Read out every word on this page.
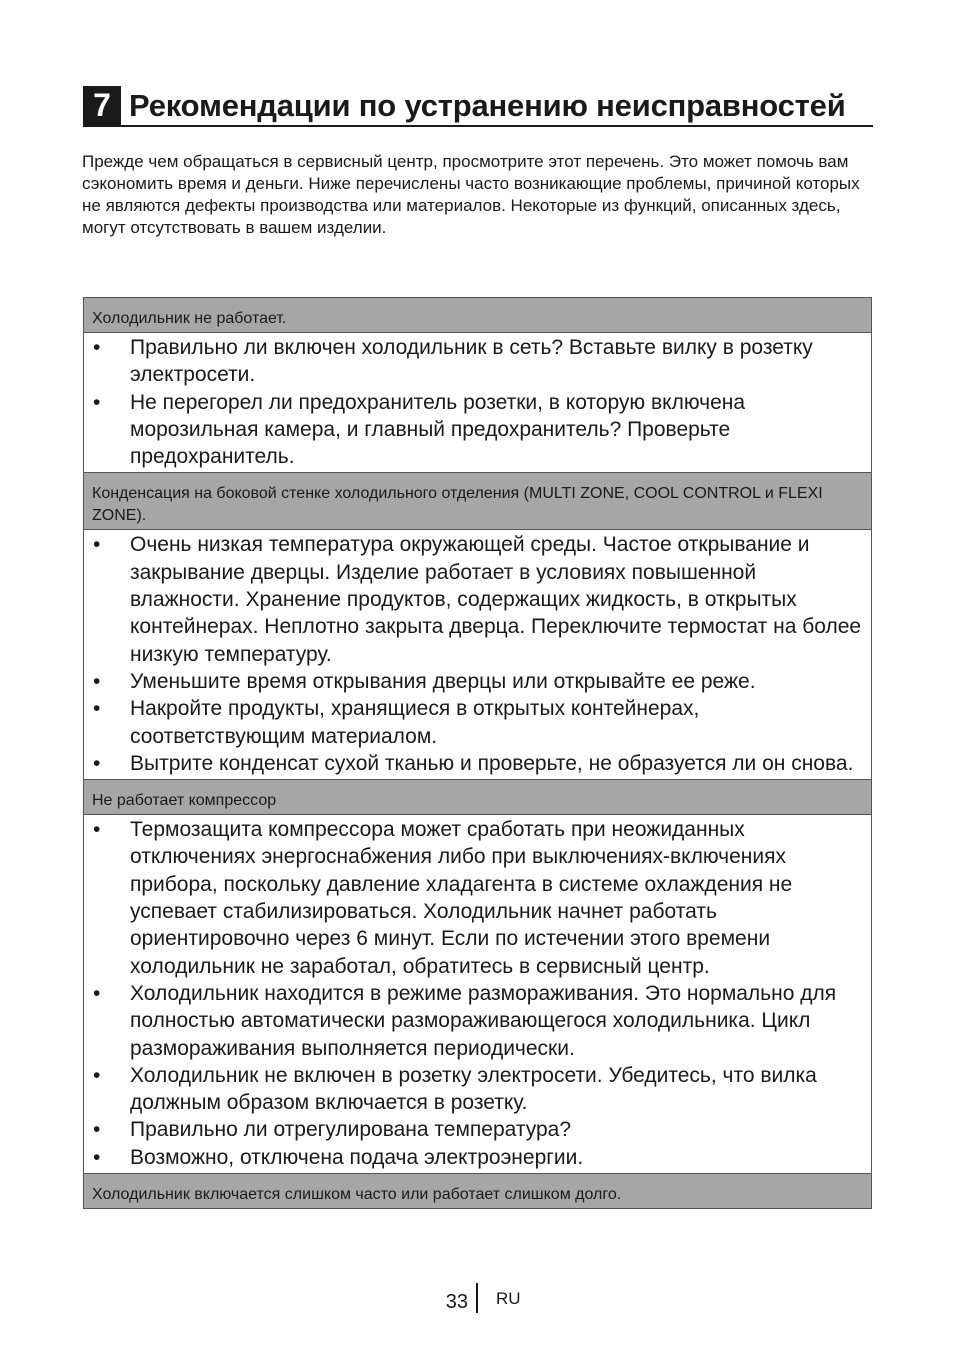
7 Рекомендации по устранению неисправностей

Прежде чем обращаться в сервисный центр, просмотрите этот перечень. Это может помочь вам сэкономить время и деньги. Ниже перечислены часто возникающие проблемы, причиной которых не являются дефекты производства или материалов. Некоторые из функций, описанных здесь, могут отсутствовать в вашем изделии.

Холодильник не работает.
• Правильно ли включен холодильник в сеть? Вставьте вилку в розетку электросети.
• Не перегорел ли предохранитель розетки, в которую включена морозильная камера, и главный предохранитель? Проверьте предохранитель.
Конденсация на боковой стенке холодильного отделения (MULTI ZONE, COOL CONTROL и FLEXI ZONE).
• Очень низкая температура окружающей среды. Частое открывание и закрывание дверцы. Изделие работает в условиях повышенной влажности. Хранение продуктов, содержащих жидкость, в открытых контейнерах. Неплотно закрыта дверца. Переключите термостат на более низкую температуру.
• Уменьшите время открывания дверцы или открывайте ее реже.
• Накройте продукты, хранящиеся в открытых контейнерах, соответствующим материалом.
• Вытрите конденсат сухой тканью и проверьте, не образуется ли он снова.
Не работает компрессор
• Термозащита компрессора может сработать при неожиданных отключениях энергоснабжения либо при выключениях-включениях прибора, поскольку давление хладагента в системе охлаждения не успевает стабилизироваться. Холодильник начнет работать ориентировочно через 6 минут. Если по истечении этого времени холодильник не заработал, обратитесь в сервисный центр.
• Холодильник находится в режиме размораживания. Это нормально для полностью автоматически размораживающегося холодильника. Цикл размораживания выполняется периодически.
• Холодильник не включен в розетку электросети. Убедитесь, что вилка должным образом включается в розетку.
• Правильно ли отрегулирована температура?
• Возможно, отключена подача электроэнергии.
Холодильник включается слишком часто или работает слишком долго.
33 RU
